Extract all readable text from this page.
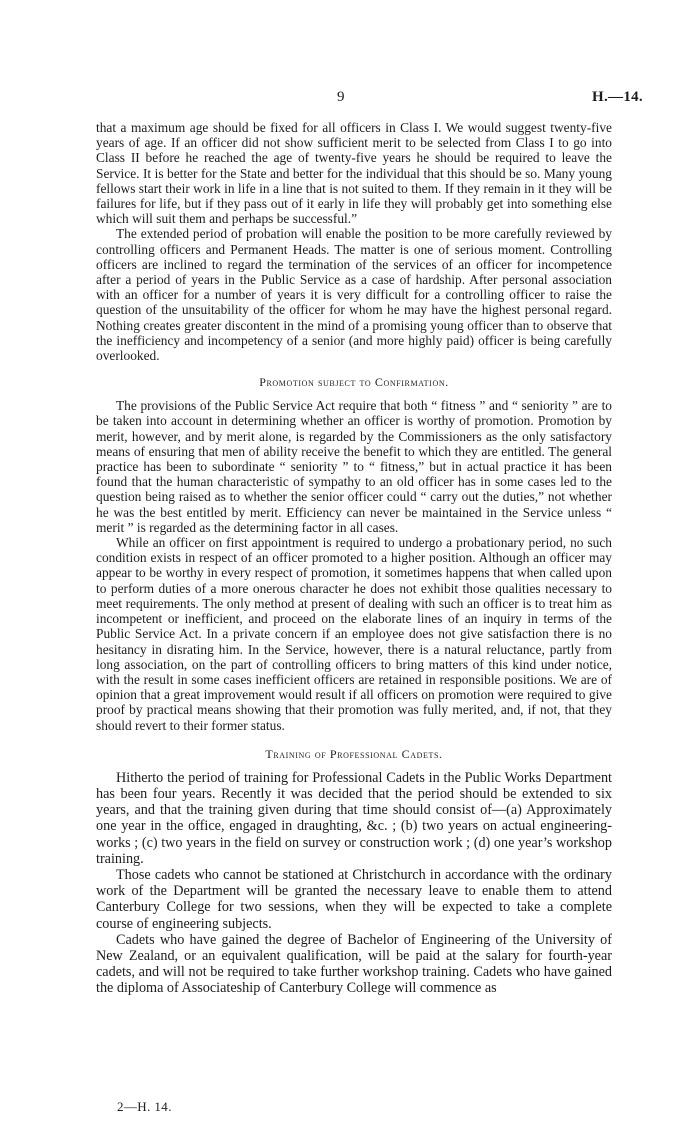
9	H.—14.

that a maximum age should be fixed for all officers in Class I. We would suggest twenty-five years of age. If an officer did not show sufficient merit to be selected from Class I to go into Class II before he reached the age of twenty-five years he should be required to leave the Service. It is better for the State and better for the individual that this should be so. Many young fellows start their work in life in a line that is not suited to them. If they remain in it they will be failures for life, but if they pass out of it early in life they will probably get into something else which will suit them and perhaps be successful.”

The extended period of probation will enable the position to be more carefully reviewed by controlling officers and Permanent Heads. The matter is one of serious moment. Controlling officers are inclined to regard the termination of the services of an officer for incompetence after a period of years in the Public Service as a case of hardship. After personal association with an officer for a number of years it is very difficult for a controlling officer to raise the question of the unsuitability of the officer for whom he may have the highest personal regard. Nothing creates greater discontent in the mind of a promising young officer than to observe that the inefficiency and incompetency of a senior (and more highly paid) officer is being carefully overlooked.

Promotion subject to Confirmation.

The provisions of the Public Service Act require that both “ fitness ” and “ seniority ” are to be taken into account in determining whether an officer is worthy of promotion. Promotion by merit, however, and by merit alone, is regarded by the Commissioners as the only satisfactory means of ensuring that men of ability receive the benefit to which they are entitled. The general practice has been to subordinate “ seniority ” to “ fitness,” but in actual practice it has been found that the human characteristic of sympathy to an old officer has in some cases led to the question being raised as to whether the senior officer could “ carry out the duties,” not whether he was the best entitled by merit. Efficiency can never be maintained in the Service unless “ merit ” is regarded as the determining factor in all cases.

While an officer on first appointment is required to undergo a probationary period, no such condition exists in respect of an officer promoted to a higher position. Although an officer may appear to be worthy in every respect of promotion, it sometimes happens that when called upon to perform duties of a more onerous character he does not exhibit those qualities necessary to meet requirements. The only method at present of dealing with such an officer is to treat him as incompetent or inefficient, and proceed on the elaborate lines of an inquiry in terms of the Public Service Act. In a private concern if an employee does not give satisfaction there is no hesitancy in disrating him. In the Service, however, there is a natural reluctance, partly from long association, on the part of controlling officers to bring matters of this kind under notice, with the result in some cases inefficient officers are retained in responsible positions. We are of opinion that a great improvement would result if all officers on promotion were required to give proof by practical means showing that their promotion was fully merited, and, if not, that they should revert to their former status.

Training of Professional Cadets.

Hitherto the period of training for Professional Cadets in the Public Works Department has been four years. Recently it was decided that the period should be extended to six years, and that the training given during that time should consist of—(a) Approximately one year in the office, engaged in draughting, &c. ; (b) two years on actual engineering-works ; (c) two years in the field on survey or construction work ; (d) one year’s workshop training.

Those cadets who cannot be stationed at Christchurch in accordance with the ordinary work of the Department will be granted the necessary leave to enable them to attend Canterbury College for two sessions, when they will be expected to take a complete course of engineering subjects.

Cadets who have gained the degree of Bachelor of Engineering of the University of New Zealand, or an equivalent qualification, will be paid at the salary for fourth-year cadets, and will not be required to take further workshop training. Cadets who have gained the diploma of Associateship of Canterbury College will commence as

2—H. 14.
